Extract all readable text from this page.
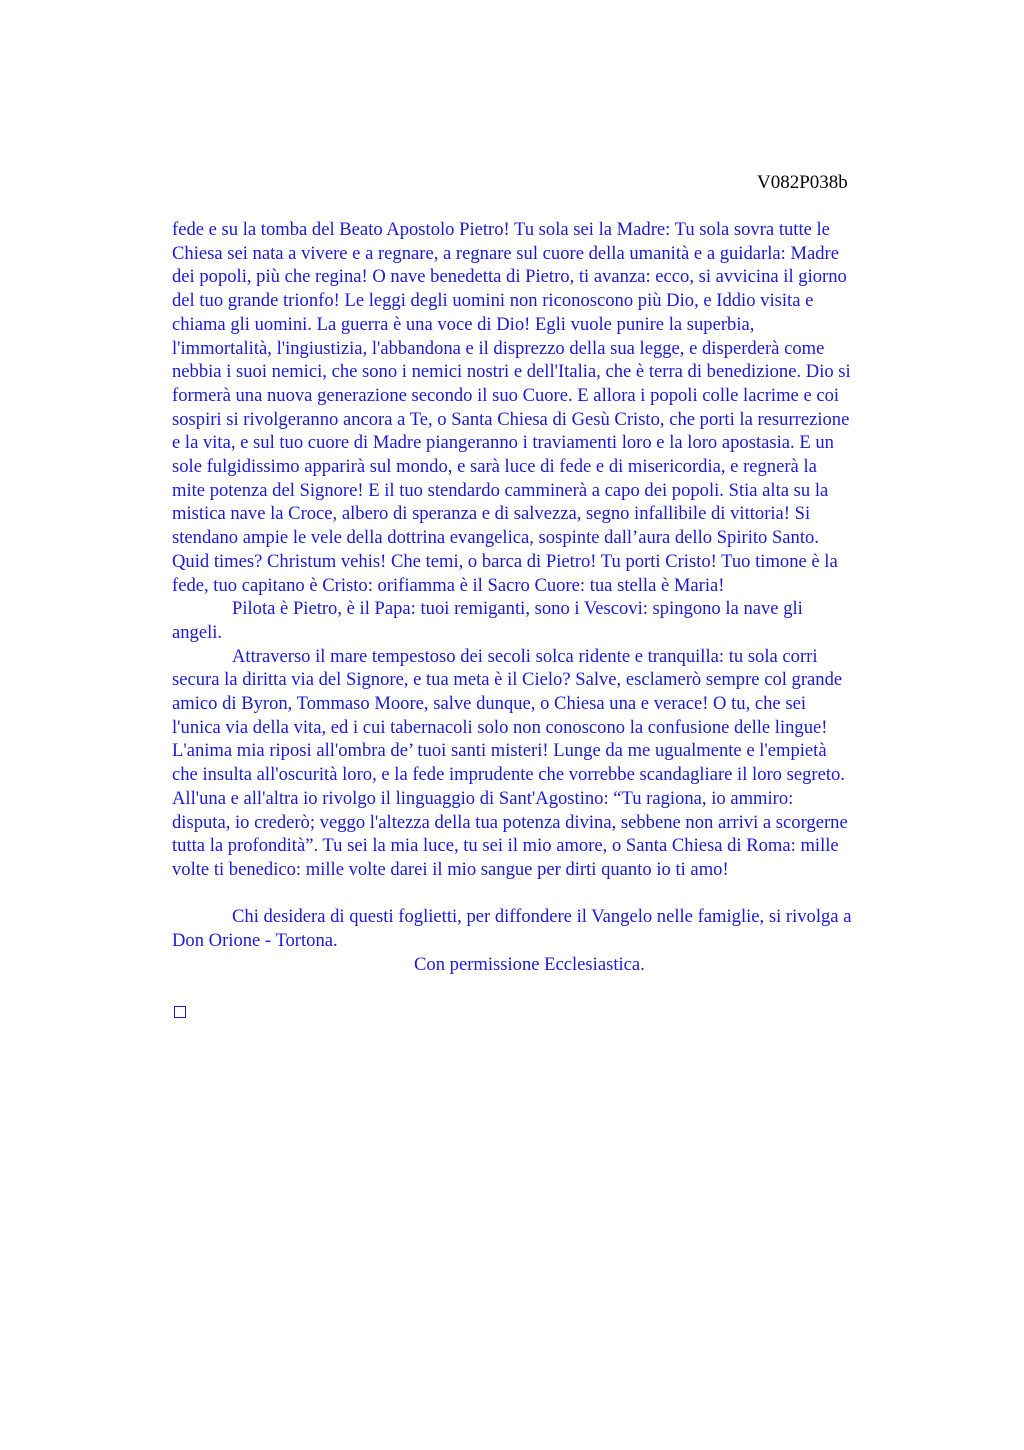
V082P038b
fede e su la tomba del Beato Apostolo Pietro! Tu sola sei la Madre: Tu sola sovra tutte le
Chiesa sei nata a vivere e a regnare, a regnare sul cuore della umanità e a guidarla: Madre
dei popoli, più che regina! O nave benedetta di Pietro, ti avanza: ecco, si avvicina il giorno
del tuo grande trionfo! Le leggi degli uomini non riconoscono più Dio, e Iddio visita e
chiama gli uomini. La guerra è una voce di Dio! Egli vuole punire la superbia,
l'immortalità, l'ingiustizia, l'abbandona e il disprezzo della sua legge, e disperderà come
nebbia i suoi nemici, che sono i nemici nostri e dell'Italia, che è terra di benedizione. Dio si
formerà una nuova generazione secondo il suo Cuore. E allora i popoli colle lacrime e coi
sospiri si rivolgeranno ancora a Te, o Santa Chiesa di Gesù Cristo, che porti la resurrezione
e la vita, e sul tuo cuore di Madre piangeranno i traviamenti loro e la loro apostasia. E un
sole fulgidissimo apparirà sul mondo, e sarà luce di fede e di misericordia, e regnerà la
mite potenza del Signore! E il tuo stendardo camminerà a capo dei popoli. Stia alta su la
mistica nave la Croce, albero di speranza e di salvezza, segno infallibile di vittoria! Si
stendano ampie le vele della dottrina evangelica, sospinte dall’aura dello Spirito Santo.
Quid times? Christum vehis! Che temi, o barca di Pietro! Tu porti Cristo! Tuo timone è la
fede, tuo capitano è Cristo: orifiamma è il Sacro Cuore: tua stella è Maria!
Pilota è Pietro, è il Papa: tuoi remiganti, sono i Vescovi: spingono la nave gli
angeli.
Attraverso il mare tempestoso dei secoli solca ridente e tranquilla: tu sola corri
secura la diritta via del Signore, e tua meta è il Cielo? Salve, esclamerò sempre col grande
amico di Byron, Tommaso Moore, salve dunque, o Chiesa una e verace! O tu, che sei
l'unica via della vita, ed i cui tabernacoli solo non conoscono la confusione delle lingue!
L'anima mia riposi all'ombra de’ tuoi santi misteri! Lunge da me ugualmente e l'empietà
che insulta all'oscurità loro, e la fede imprudente che vorrebbe scandagliare il loro segreto.
All'una e all'altra io rivolgo il linguaggio di Sant'Agostino: “Tu ragiona, io ammiro:
disputa, io crederò; veggo l'altezza della tua potenza divina, sebbene non arrivi a scorgerne
tutta la profondità”. Tu sei la mia luce, tu sei il mio amore, o Santa Chiesa di Roma: mille
volte ti benedico: mille volte darei il mio sangue per dirti quanto io ti amo!
Chi desidera di questi foglietti, per diffondere il Vangelo nelle famiglie, si rivolga a
Don Orione - Tortona.
Con permissione Ecclesiastica.
